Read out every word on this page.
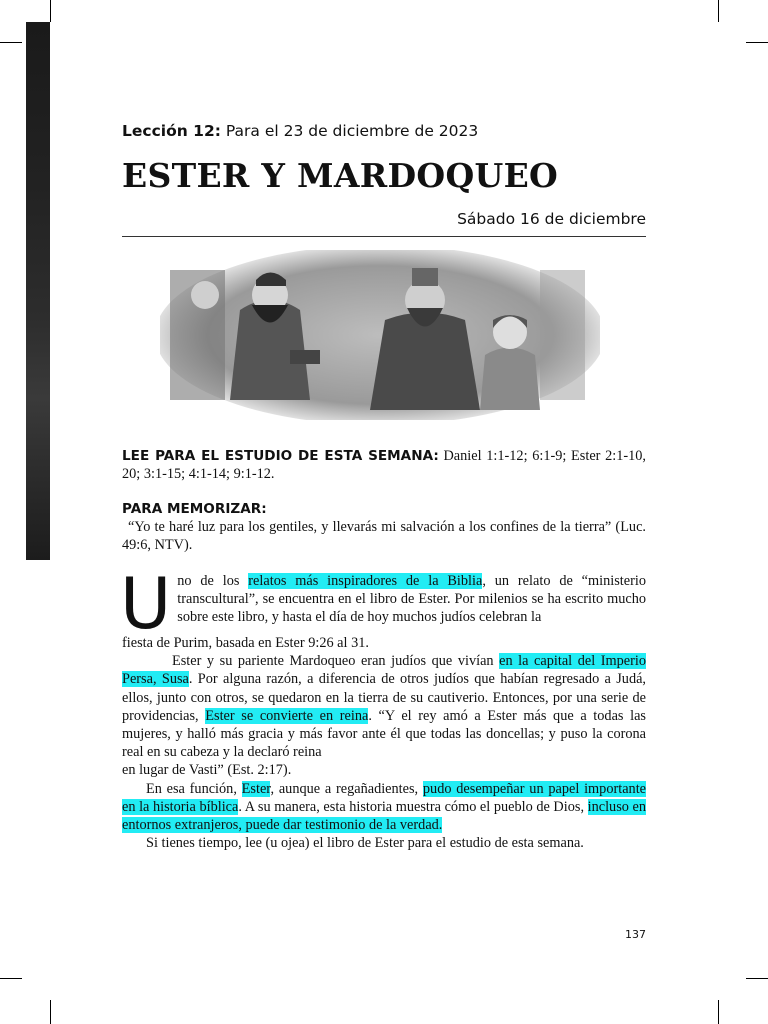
Lección 12: Para el 23 de diciembre de 2023
ESTER Y MARDOQUEO
Sábado 16 de diciembre
LEE PARA EL ESTUDIO DE ESTA SEMANA: Daniel 1:1-12; 6:1-9; Ester 2:1-10, 20; 3:1-15; 4:1-14; 9:1-12.
PARA MEMORIZAR:

“Yo te haré luz para los gentiles, y llevarás mi salvación a los confines de la tierra” (Luc. 49:6, NTV).

Uno de los relatos más inspiradores de la Biblia, un relato de “ministerio transcultural”, se encuentra en el libro de Ester. Por milenios se ha escrito mucho sobre este libro, y hasta el día de hoy muchos judíos celebran la

fiesta de Purim, basada en Ester 9:26 al 31.

Ester y su pariente Mardoqueo eran judíos que vivían en la capital del Imperio Persa, Susa. Por alguna razón, a diferencia de otros judíos que habían regresado a Judá, ellos, junto con otros, se quedaron en la tierra de su cautiverio. Entonces, por una serie de providencias, Ester se convierte en reina. “Y el rey amó a Ester más que a todas las mujeres, y halló más gracia y más favor ante él que todas las doncellas; y puso la corona real en su cabeza y la declaró reina

en lugar de Vasti” (Est. 2:17).

En esa función, Ester, aunque a regañadientes, pudo desempeñar un papel importante en la historia bíblica. A su manera, esta historia muestra cómo el pueblo de Dios, incluso en entornos extranjeros, puede dar testimonio de la verdad.

Si tienes tiempo, lee (u ojea) el libro de Ester para el estudio de esta semana.

137
